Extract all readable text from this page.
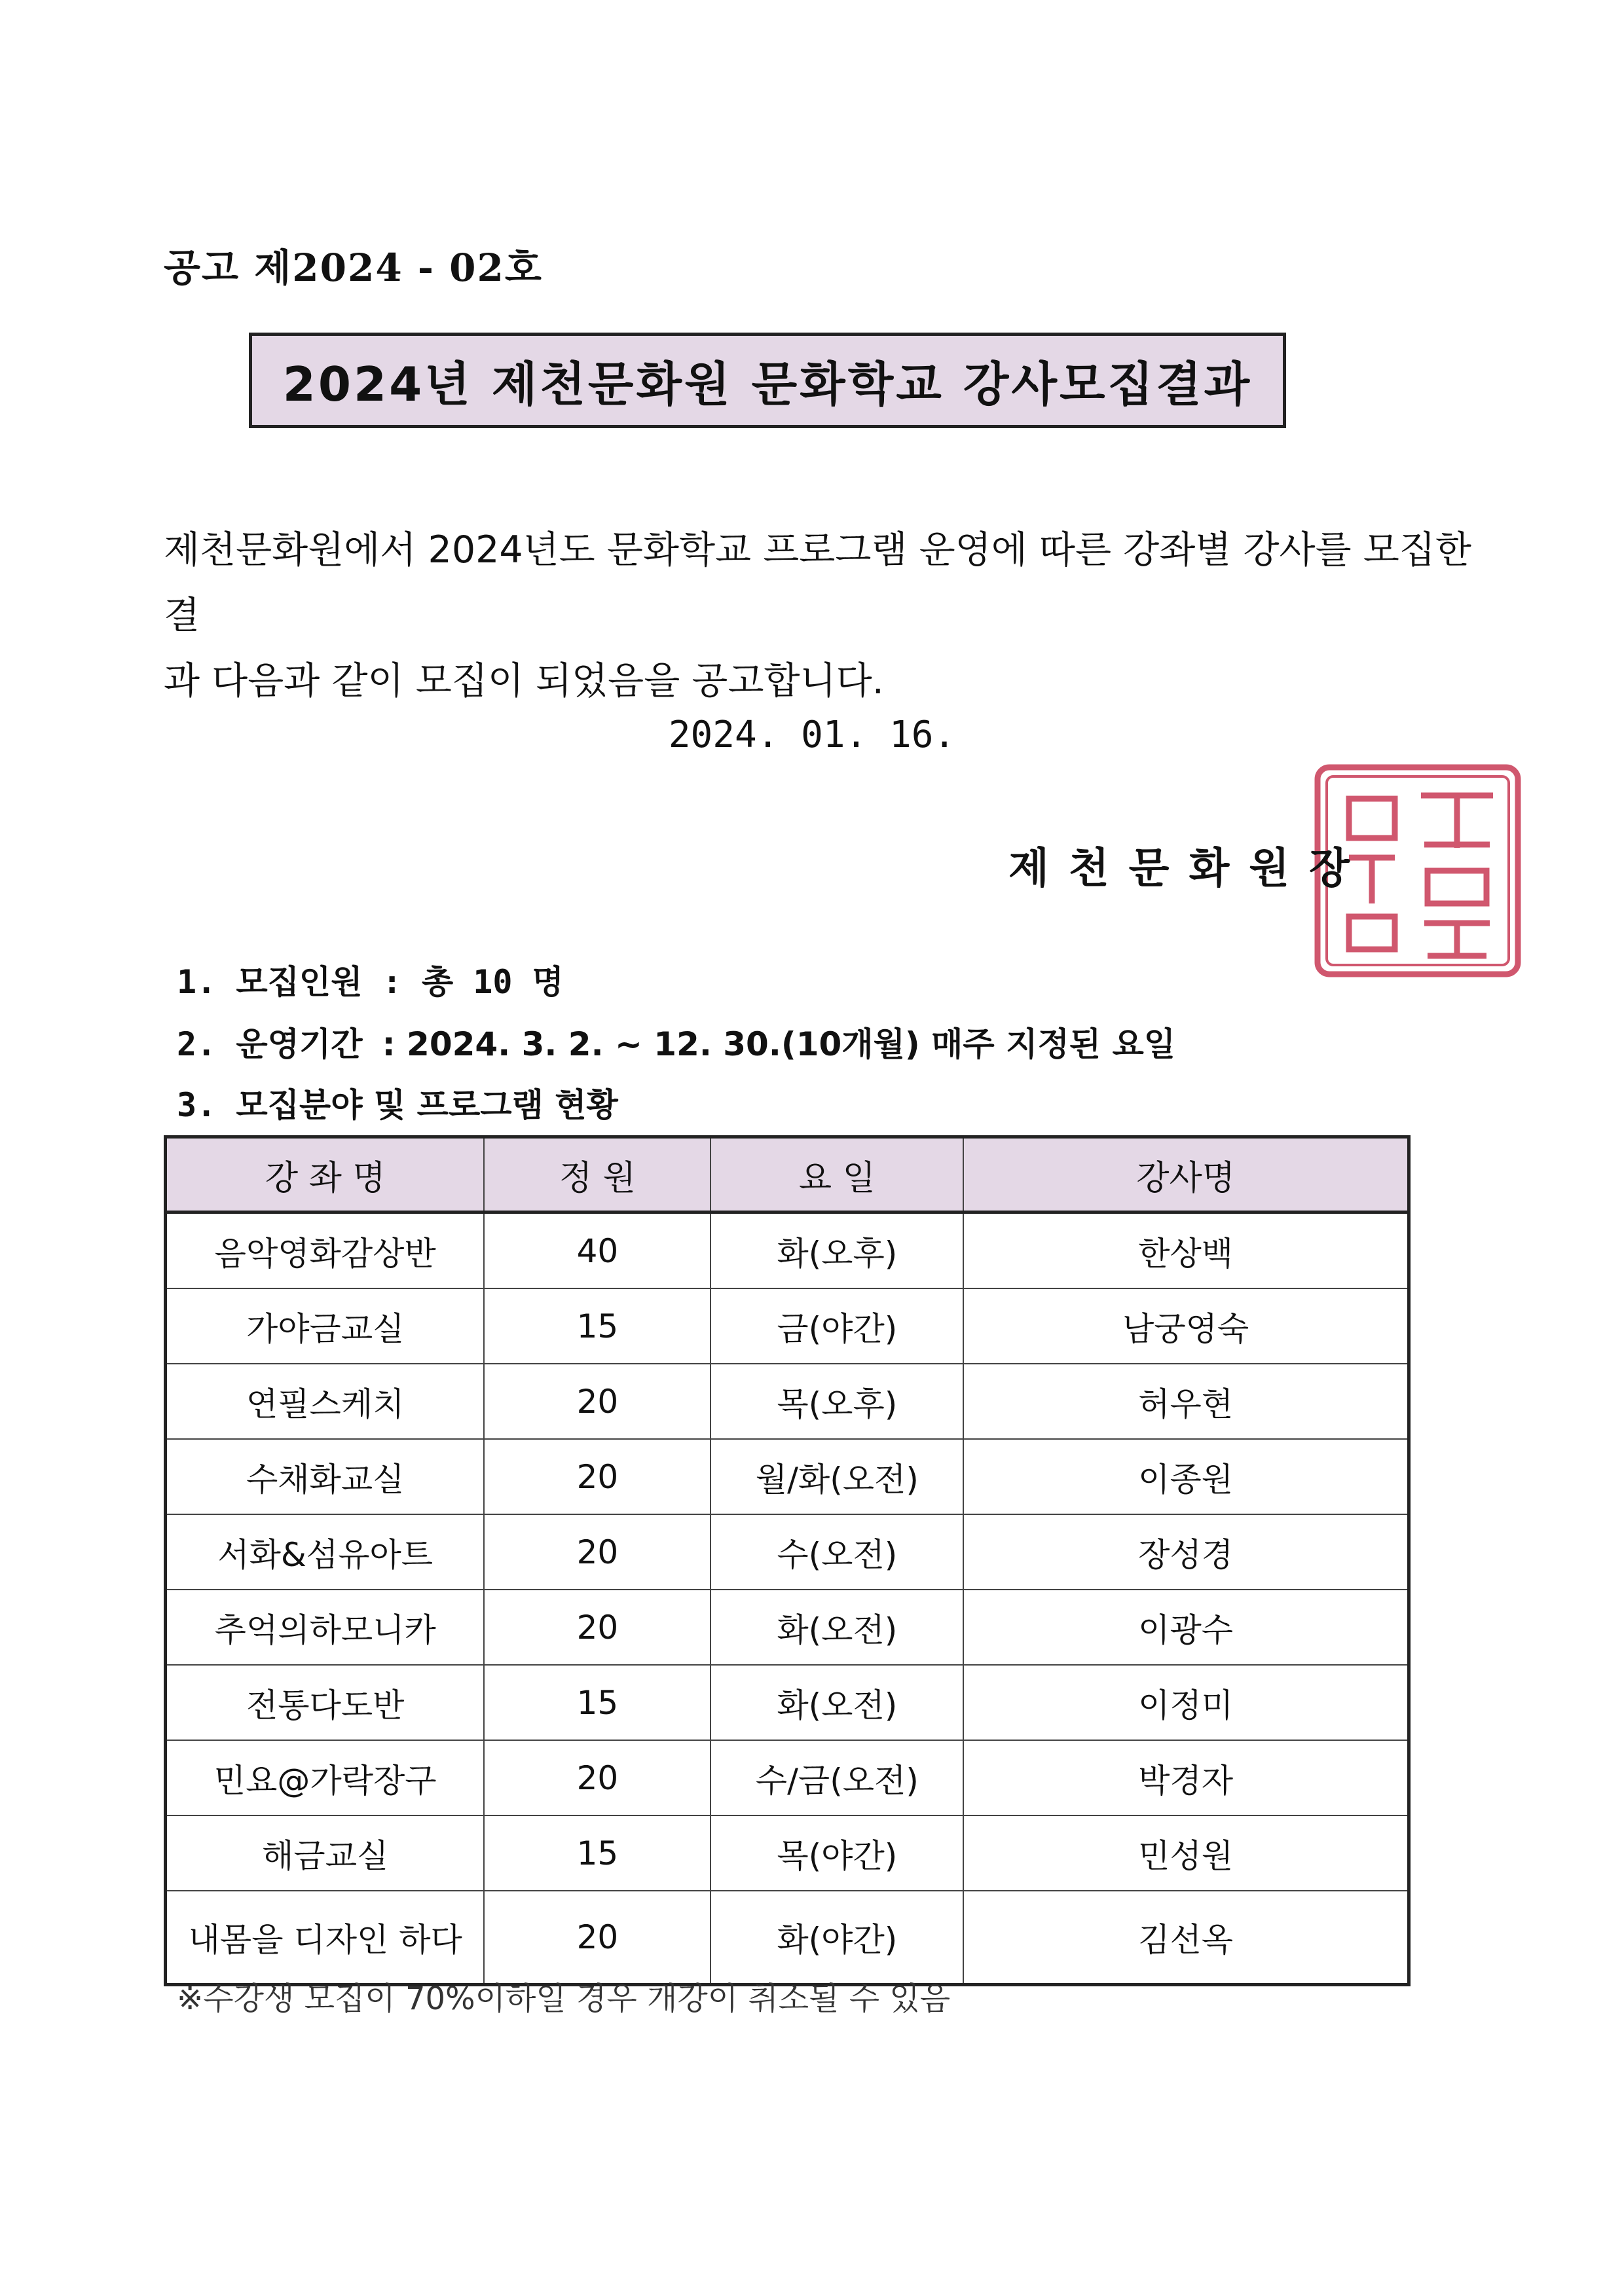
공고 제2024 - 02호
2024년 제천문화원 문화학교 강사모집결과
제천문화원에서 2024년도 문화학교 프로그램 운영에 따른 강좌별 강사를 모집한 결
과 다음과 같이 모집이 되었음을 공고합니다.
2024. 01. 16.
제천문화원장
1. 모집인원 : 총 10 명
2. 운영기간 : 2024. 3. 2. ~ 12. 30.(10개월) 매주 지정된 요일
3. 모집분야 및 프로그램 현황
강 좌 명	정 원	요 일	강사명
음악영화감상반	40	화(오후)	한상백
가야금교실	15	금(야간)	남궁영숙
연필스케치	20	목(오후)	허우현
수채화교실	20	월/화(오전)	이종원
서화&섬유아트	20	수(오전)	장성경
추억의하모니카	20	화(오전)	이광수
전통다도반	15	화(오전)	이정미
민요@가락장구	20	수/금(오전)	박경자
해금교실	15	목(야간)	민성원
내몸을 디자인 하다	20	화(야간)	김선옥
※수강생 모집이 70%이하일 경우 개강이 취소될 수 있음
